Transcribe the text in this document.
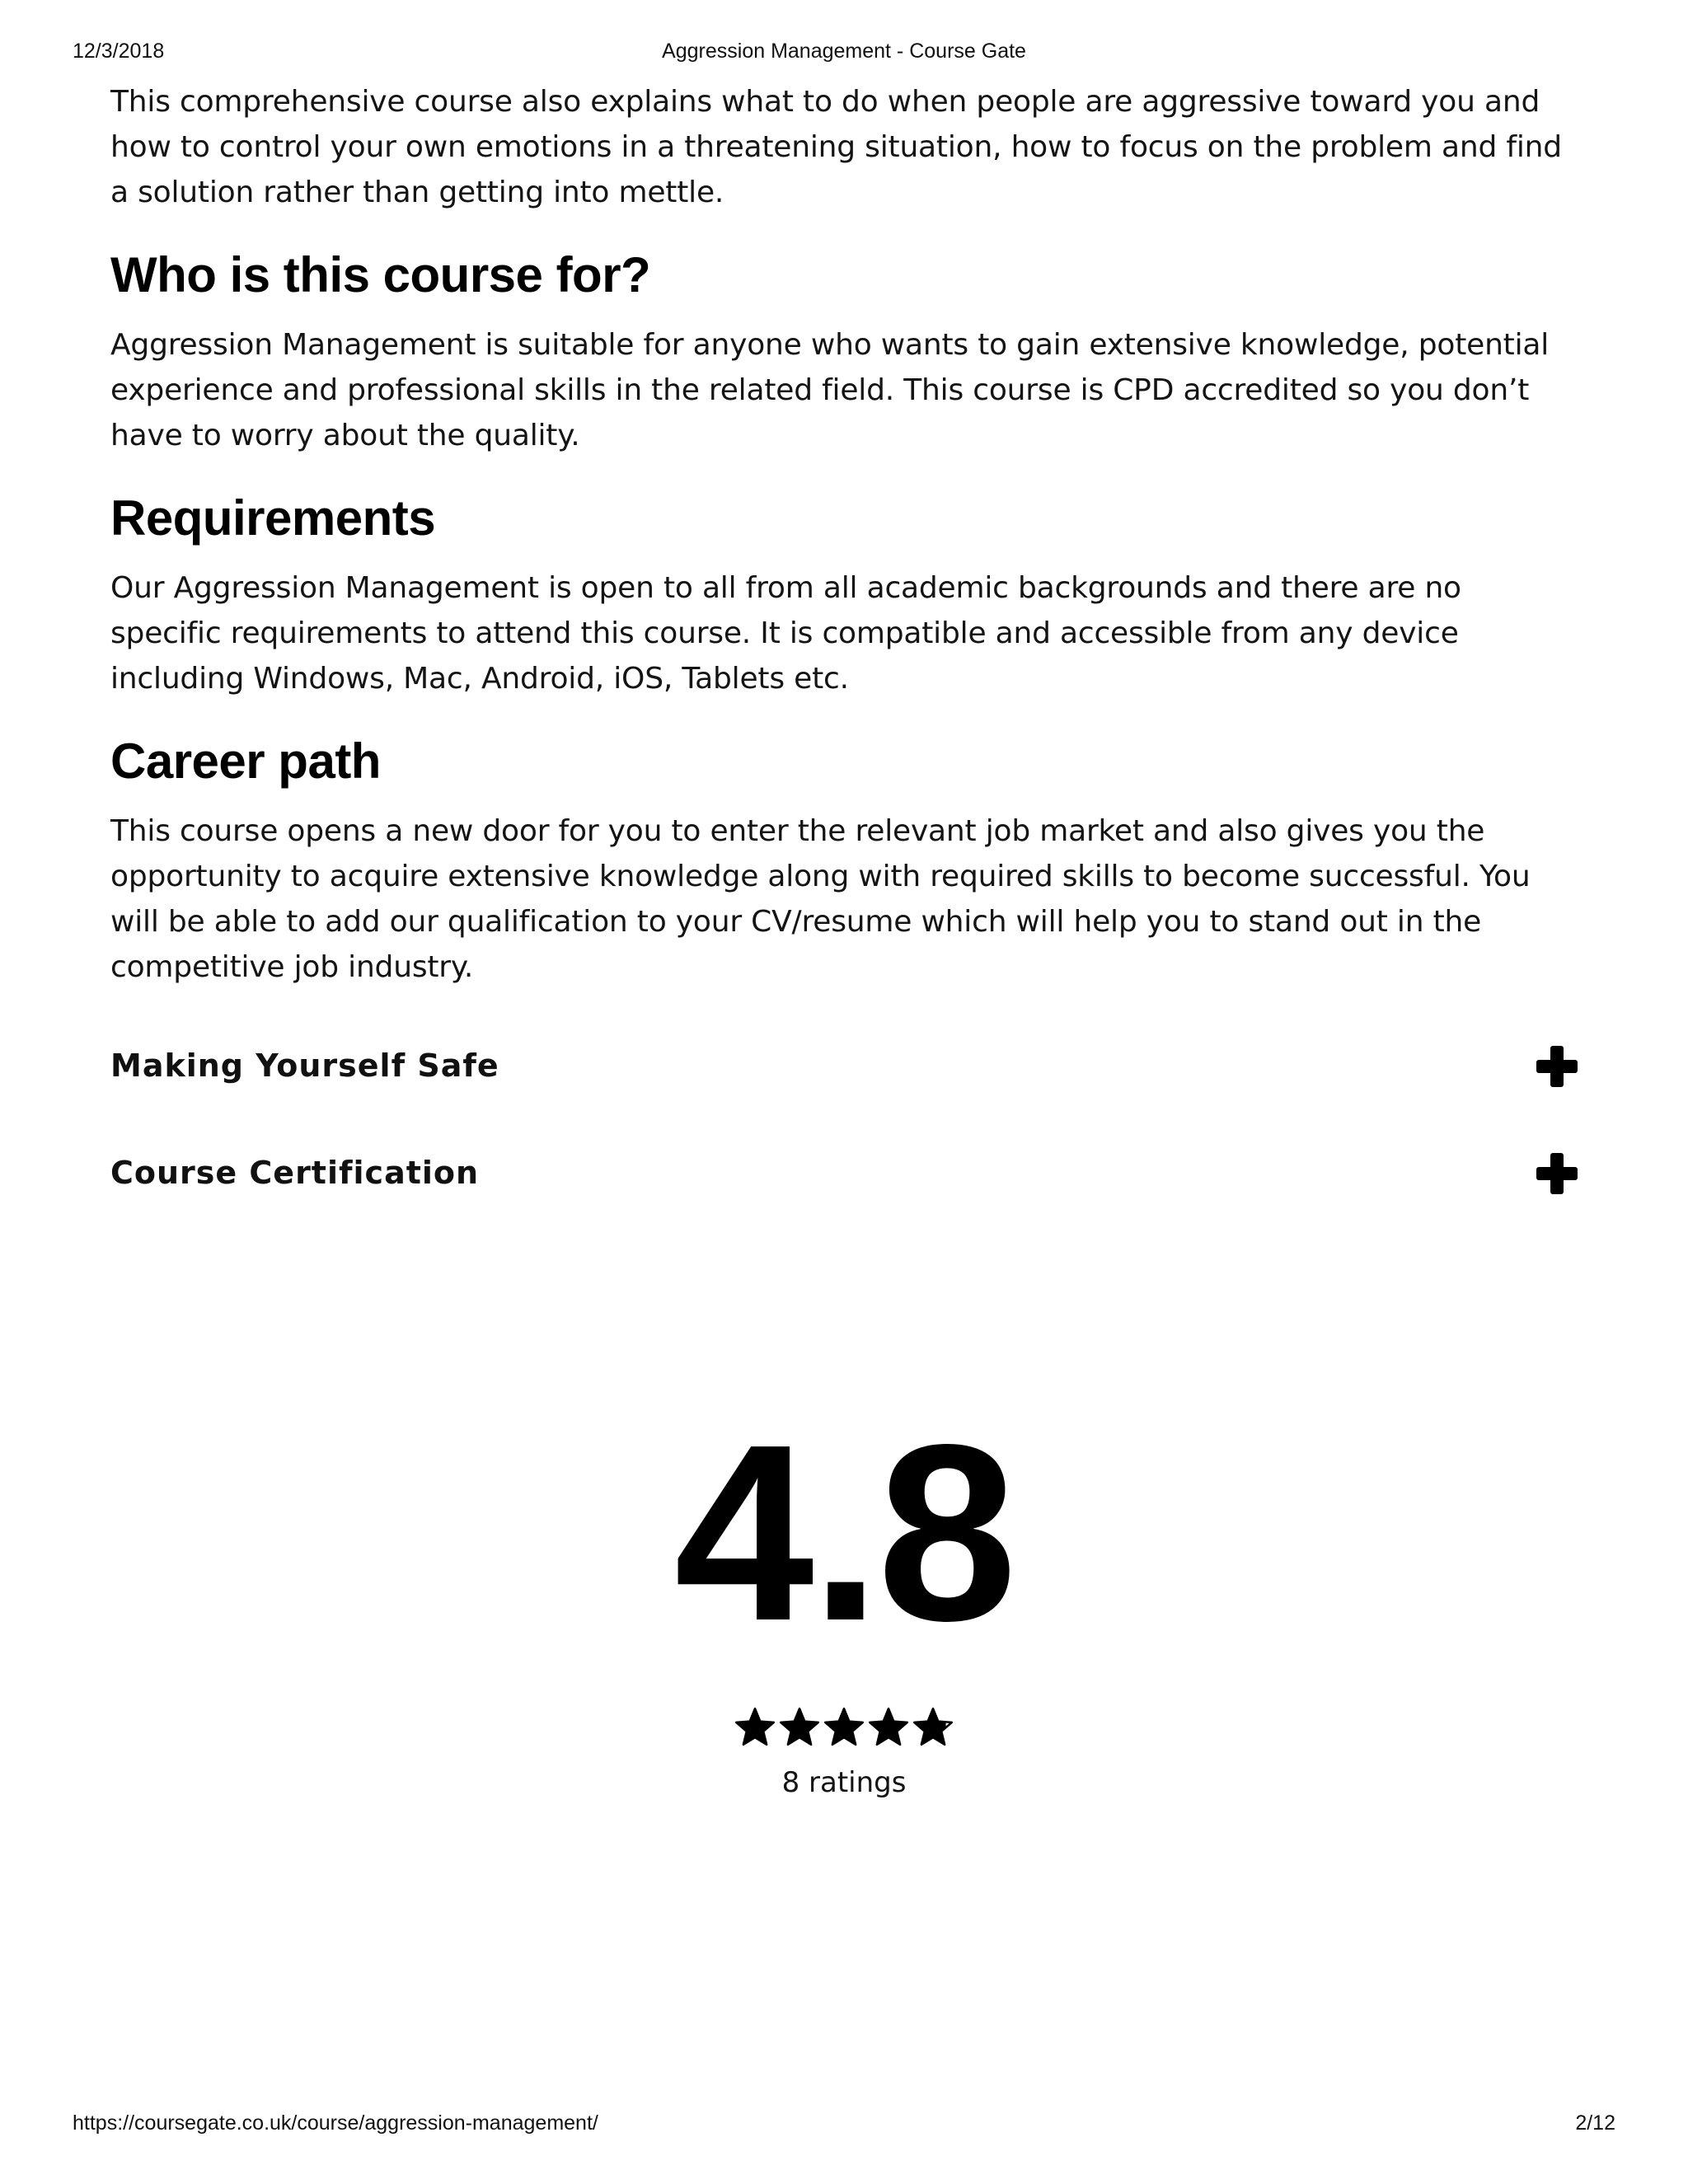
Aggression Management - Course Gate
12/3/2018

This comprehensive course also explains what to do when people are aggressive toward you and how to control your own emotions in a threatening situation, how to focus on the problem and find a solution rather than getting into mettle.

Who is this course for?

Aggression Management is suitable for anyone who wants to gain extensive knowledge, potential experience and professional skills in the related field. This course is CPD accredited so you don’t have to worry about the quality.

Requirements

Our Aggression Management is open to all from all academic backgrounds and there are no specific requirements to attend this course. It is compatible and accessible from any device including Windows, Mac, Android, iOS, Tablets etc.

Career path

This course opens a new door for you to enter the relevant job market and also gives you the opportunity to acquire extensive knowledge along with required skills to become successful. You will be able to add our qualification to your CV/resume which will help you to stand out in the competitive job industry.

Making Yourself Safe
Course Certification
4.8
8 ratings
https://coursegate.co.uk/course/aggression-management/	2/12
